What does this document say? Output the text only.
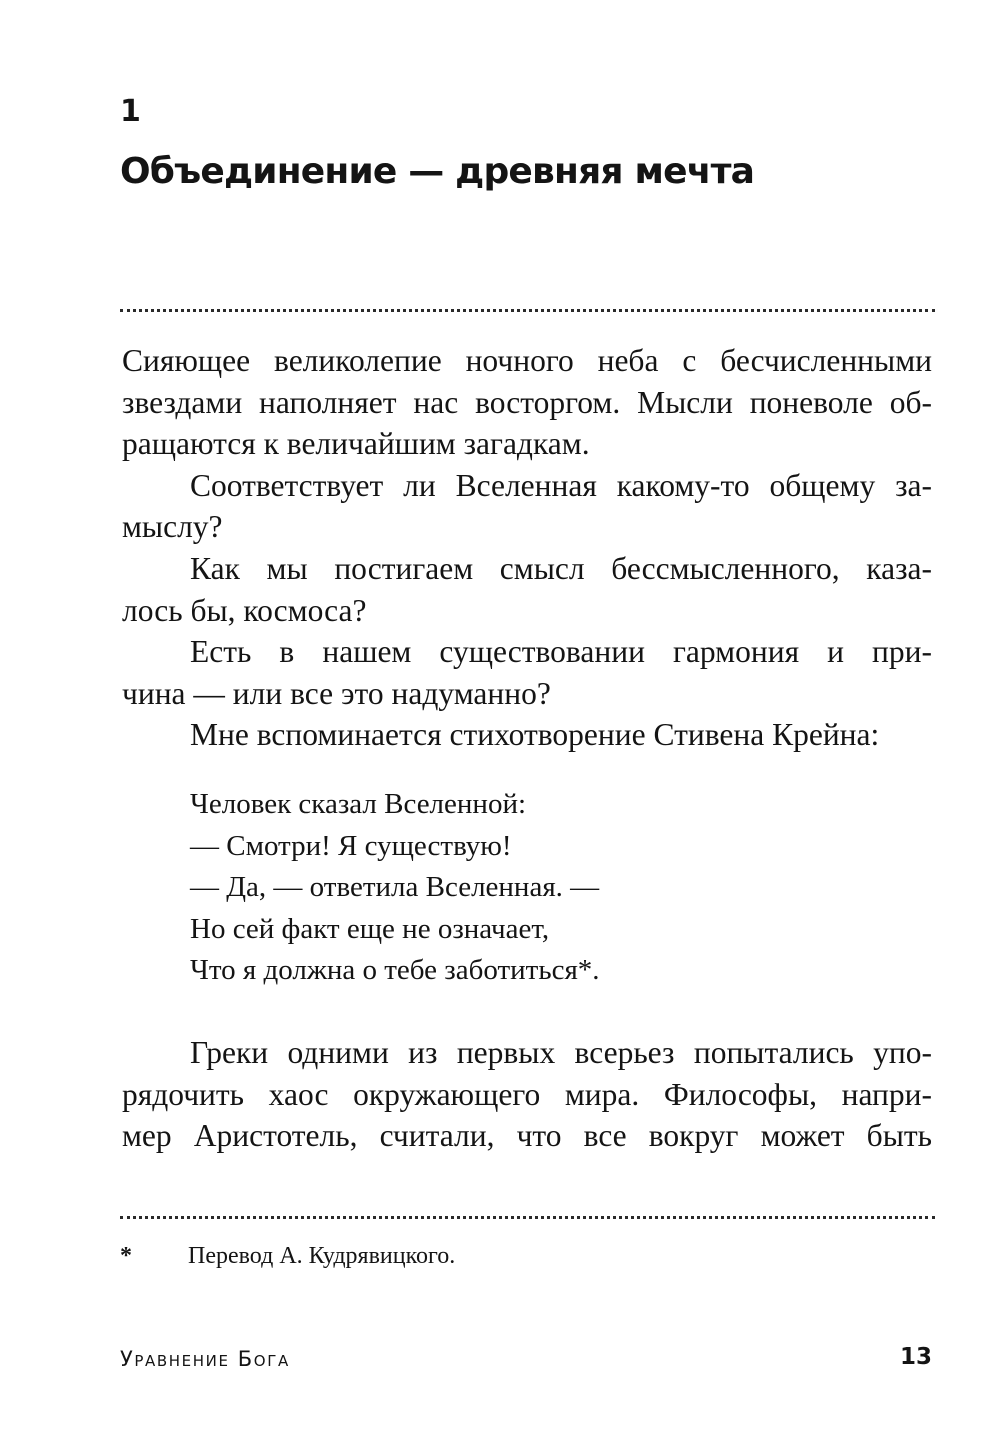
1
Объединение — древняя мечта
Сияющее великолепие ночного неба с бесчисленными
звездами наполняет нас восторгом. Мысли поневоле об-
ращаются к величайшим загадкам.
Соответствует ли Вселенная какому-то общему за-
мыслу?
Как мы постигаем смысл бессмысленного, каза-
лось бы, космоса?
Есть в нашем существовании гармония и при-
чина — или все это надуманно?
Мне вспоминается стихотворение Стивена Крейна:
Человек сказал Вселенной:
— Смотри! Я существую!
— Да, — ответила Вселенная. —
Но сей факт еще не означает,
Что я должна о тебе заботиться*.
Греки одними из первых всерьез попытались упо-
рядочить хаос окружающего мира. Философы, напри-
мер Аристотель, считали, что все вокруг может быть
* Перевод А. Кудрявицкого.
Уравнение Бога	13
